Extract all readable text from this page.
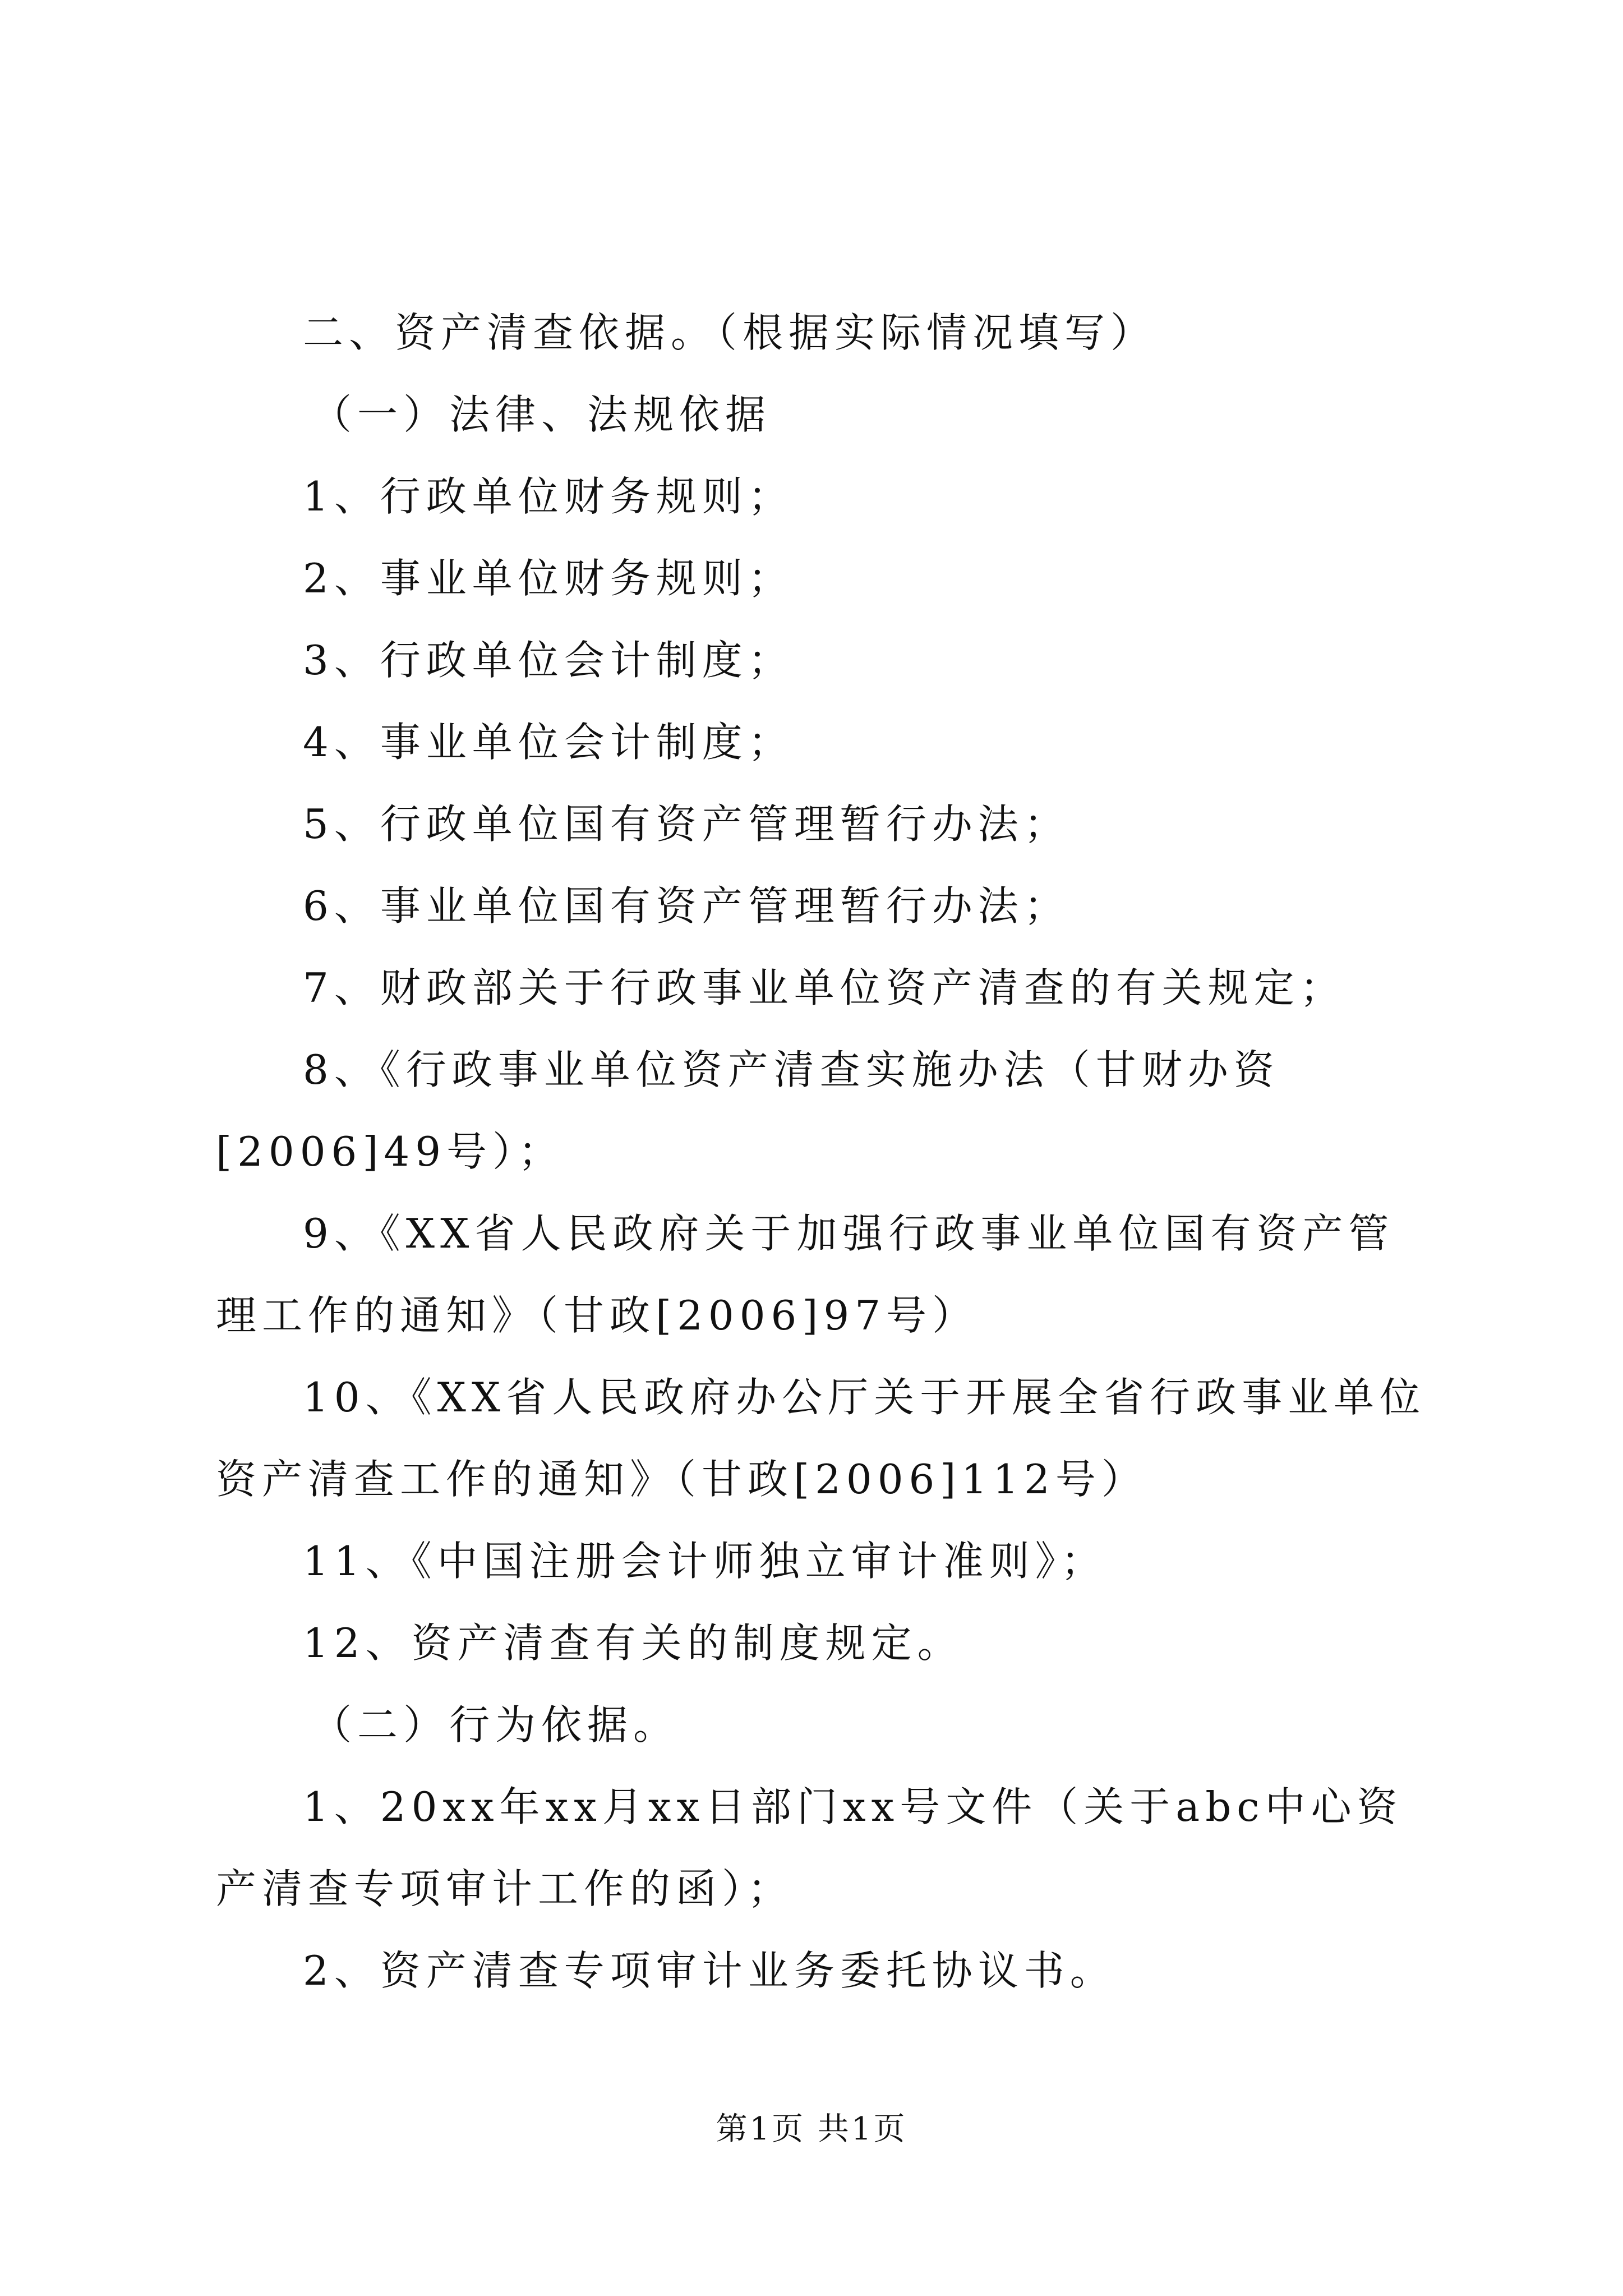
二、资产清查依据。（根据实际情况填写）

（一）法律、法规依据

1、行政单位财务规则；

2、事业单位财务规则；

3、行政单位会计制度；

4、事业单位会计制度；

5、行政单位国有资产管理暂行办法；

6、事业单位国有资产管理暂行办法；

7、财政部关于行政事业单位资产清查的有关规定；

8、《行政事业单位资产清查实施办法（甘财办资[2006]49号）；

9、《XX省人民政府关于加强行政事业单位国有资产管理工作的通知》（甘政[2006]97号）

10、《XX省人民政府办公厅关于开展全省行政事业单位资产清查工作的通知》（甘政[2006]112号）

11、《中国注册会计师独立审计准则》；

12、资产清查有关的制度规定。

（二）行为依据。

1、20xx年xx月xx日部门xx号文件（关于abc中心资产清查专项审计工作的函）；

2、资产清查专项审计业务委托协议书。

第1页 共1页
